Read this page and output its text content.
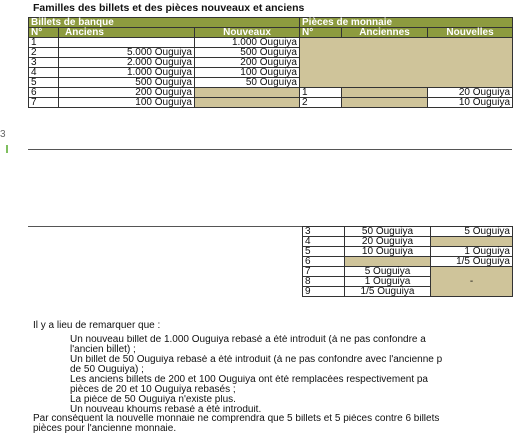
Familles des billets et des pièces nouveaux et anciens
Billets de banque			Pièces de monnaie		
N°	Anciens	Nouveaux	N°	Anciennes	Nouvelles
1		1.000 Ouguiya			
2	5.000 Ouguiya	500 Ouguiya			
3	2.000 Ouguiya	200 Ouguiya			
4	1.000 Ouguiya	100 Ouguiya			
5	500 Ouguiya	50 Ouguiya			
6	200 Ouguiya		1		20 Ouguiya
7	100 Ouguiya		2		10 Ouguiya
3
3	50 Ouguiya	5 Ouguiya
4	20 Ouguiya	
5	10 Ouguiya	1 Ouguiya
6		1/5 Ouguiya
7	5 Ouguiya	-
8	1 Ouguiya	
9	1/5 Ouguiya	
Il y a lieu de remarquer que :
• Un nouveau billet de 1.000 Ouguiya rebasé a été introduit (à ne pas confondre a
l'ancien billet) ;
• Un billet de 50 Ouguiya rebasé a été introduit (à ne pas confondre avec l'ancienne p
de 50 Ouguiya) ;
• Les anciens billets de 200 et 100 Ouguiya ont été remplacées respectivement pa
pièces de 20 et 10 Ouguiya rebasés ;
• La pièce de 50 Ouguiya n'existe plus.
• Un nouveau khoums rebasé a été introduit.
Par conséquent la nouvelle monnaie ne comprendra que 5 billets et 5 pièces contre 6 billets
pièces pour l'ancienne monnaie.
